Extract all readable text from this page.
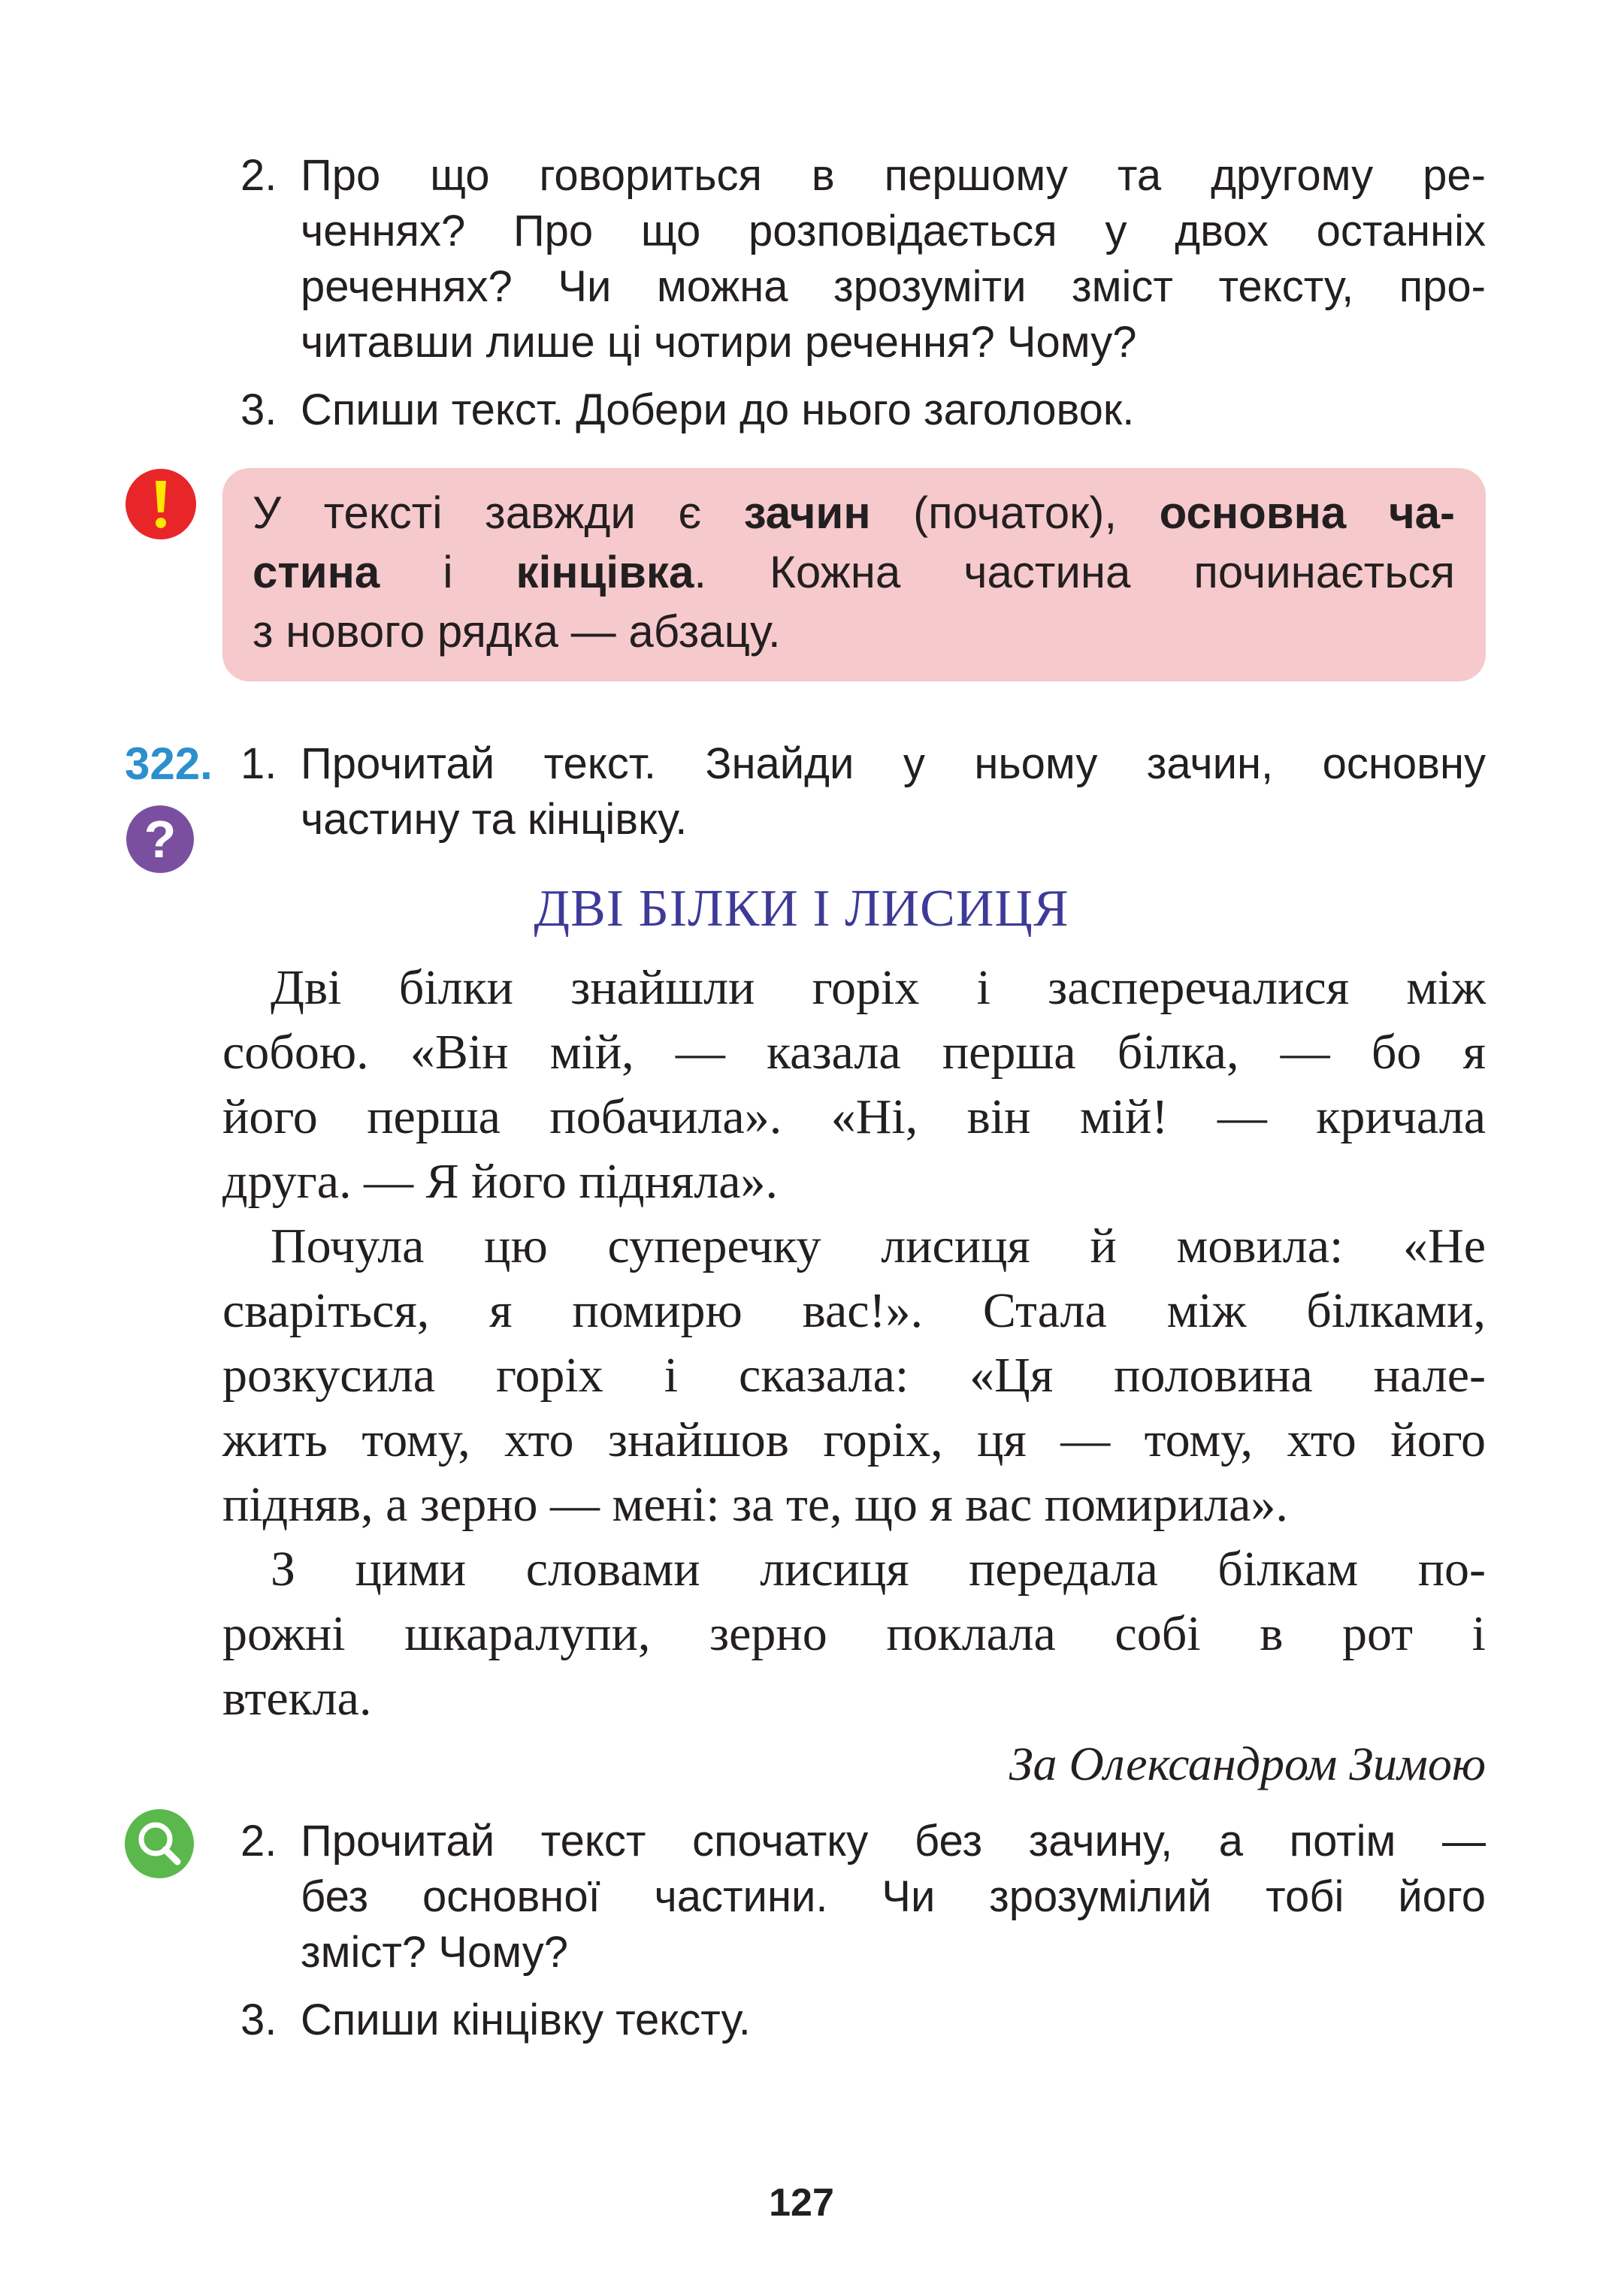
2. Про що говориться в першому та другому ре-
ченнях? Про що розповідається у двох останніх
реченнях? Чи можна зрозуміти зміст тексту, про-
читавши лише ці чотири речення? Чому?
3. Спиши текст. Добери до нього заголовок.
У тексті завжди є зачин (початок), основна ча-
стина і кінцівка. Кожна частина починається
з нового рядка — абзацу.
322.
?
1. Прочитай текст. Знайди у ньому зачин, основну
частину та кінцівку.
ДВІ БІЛКИ І ЛИСИЦЯ
Дві білки знайшли горіх і засперечалися між
собою. «Він мій, — казала перша білка, — бо я
його перша побачила». «Ні, він мій! — кричала
друга. — Я його підняла».
Почула цю суперечку лисиця й мовила: «Не
сваріться, я помирю вас!». Стала між білками,
розкусила горіх і сказала: «Ця половина нале-
жить тому, хто знайшов горіх, ця — тому, хто його
підняв, а зерно — мені: за те, що я вас помирила».
З цими словами лисиця передала білкам по-
рожні шкаралупи, зерно поклала собі в рот і
втекла.
За Олександром Зимою
2. Прочитай текст спочатку без зачину, а потім —
без основної частини. Чи зрозумілий тобі його
зміст? Чому?
3. Спиши кінцівку тексту.
127
